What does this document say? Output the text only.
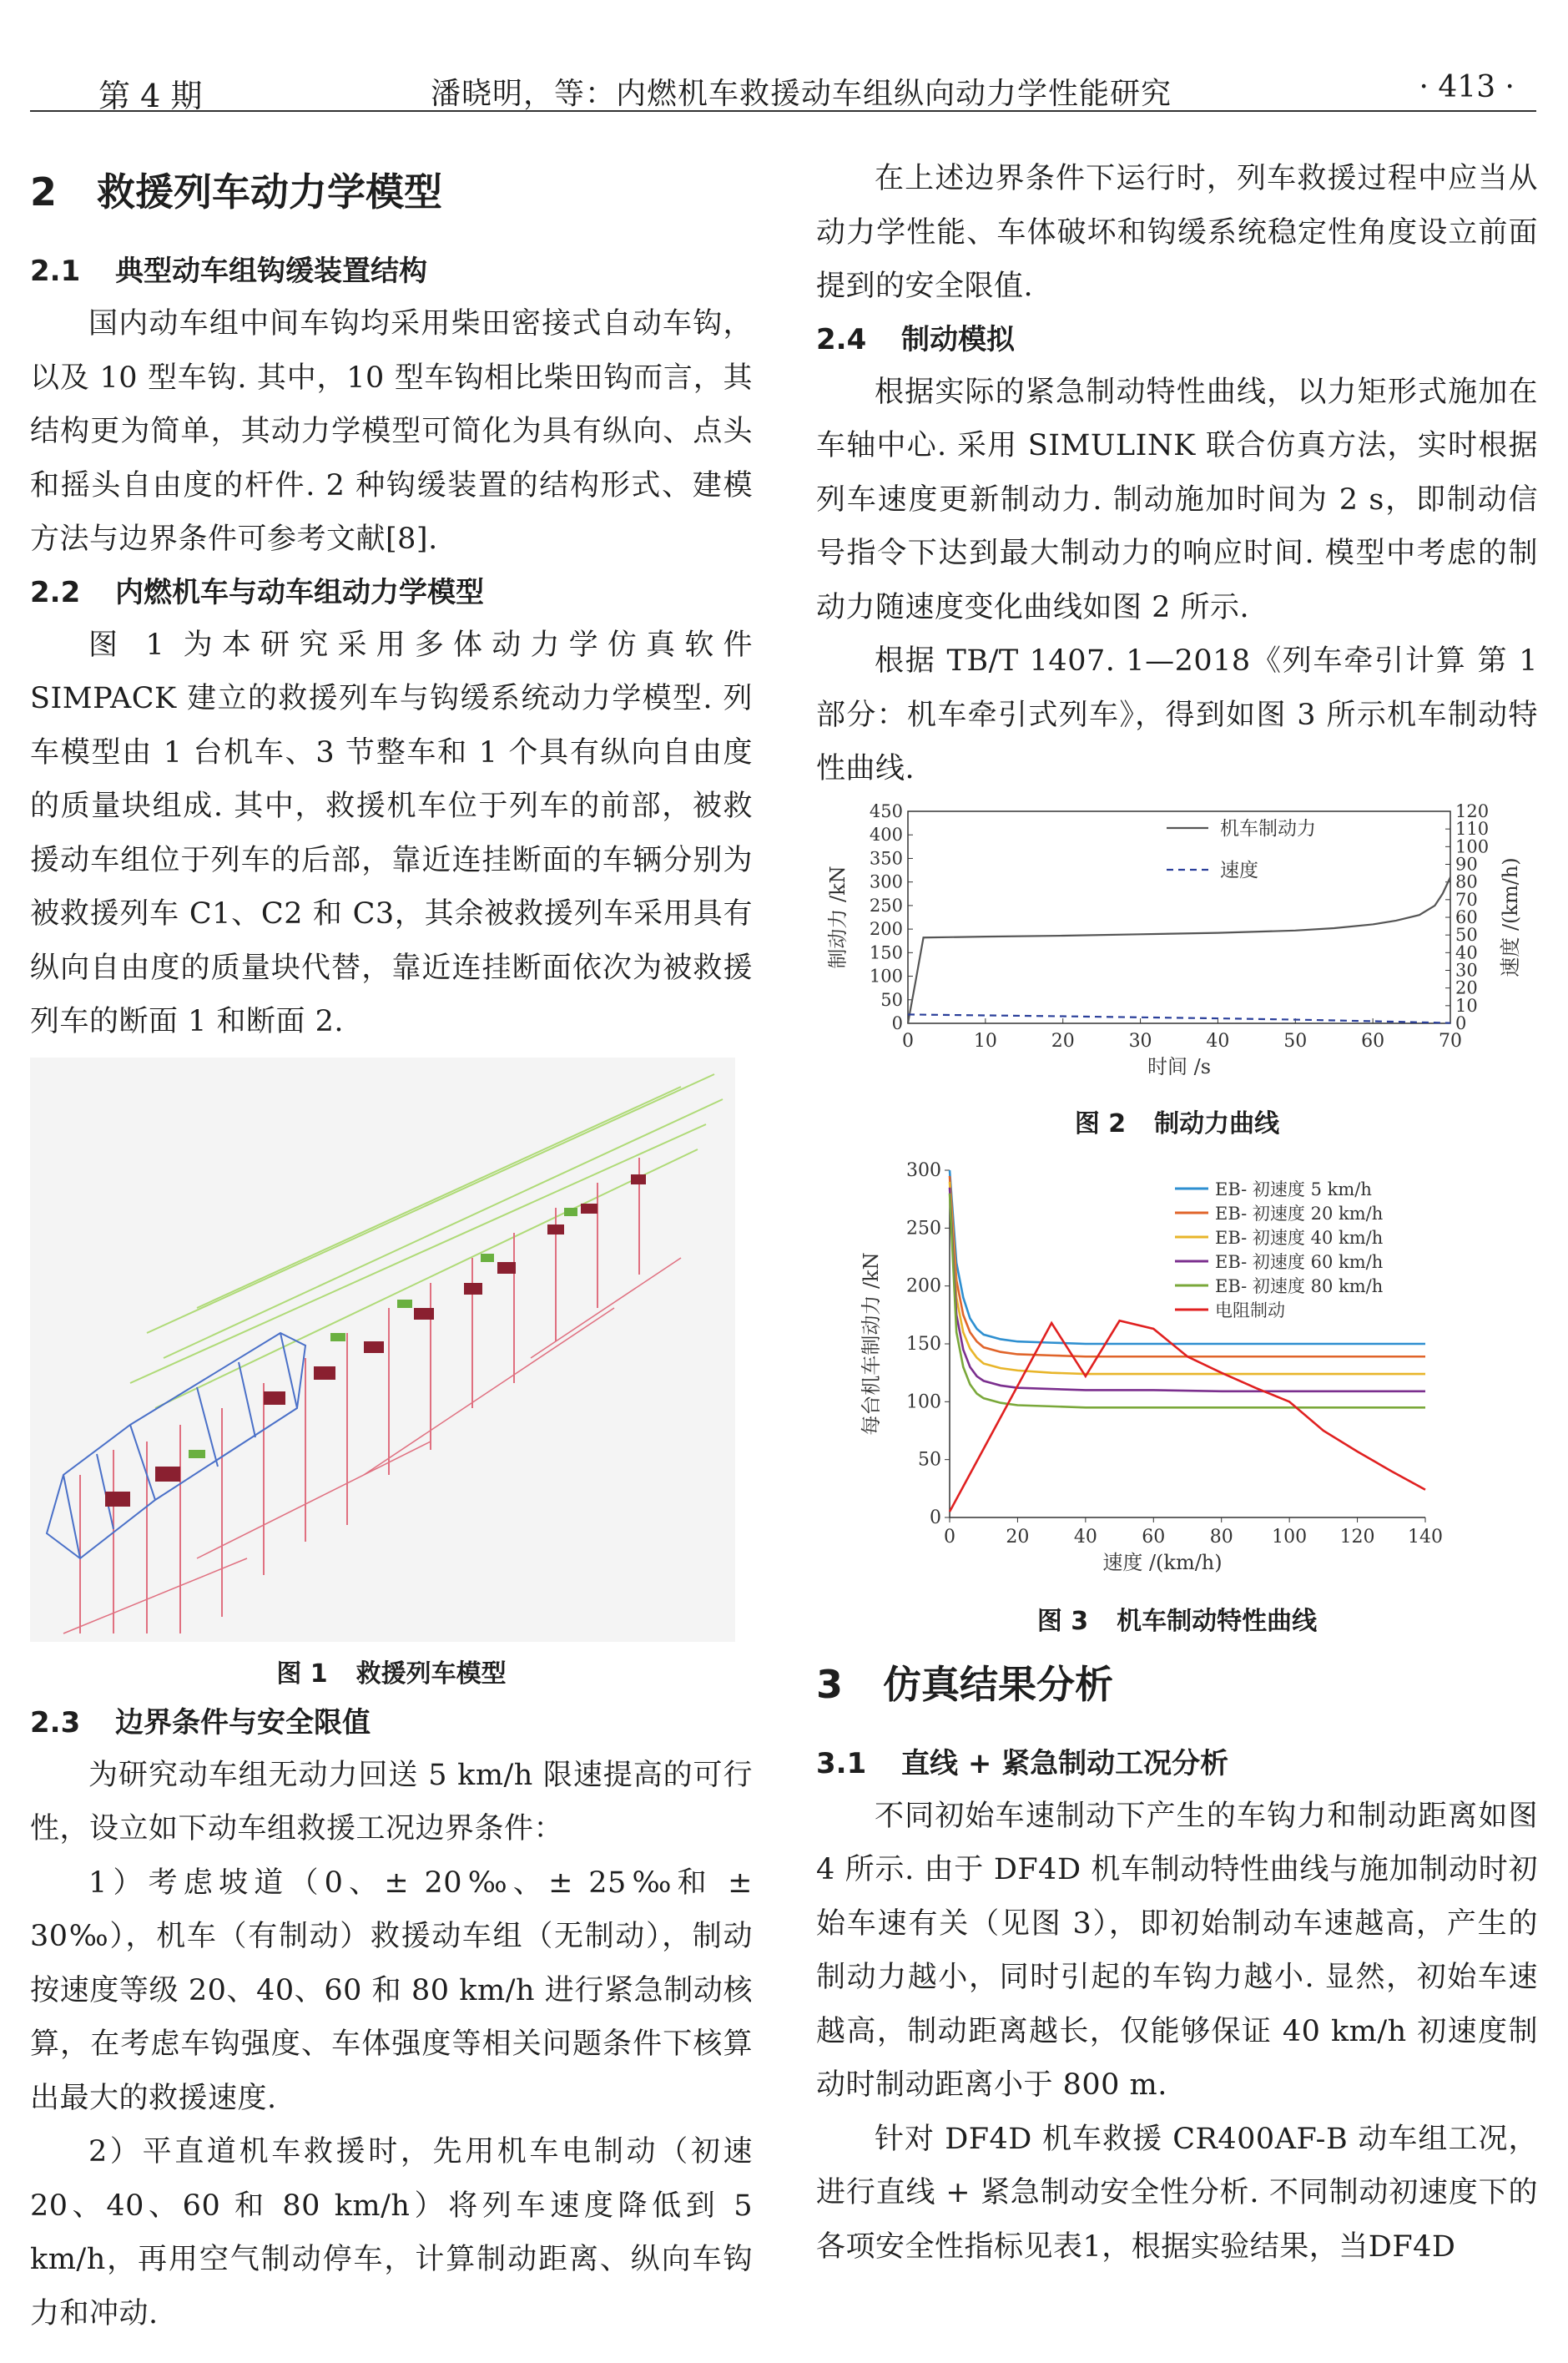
第 4 期	潘晓明，等：内燃机车救援动车组纵向动力学性能研究	· 413 ·
2 救援列车动力学模型
2.1 典型动车组钩缓装置结构

国内动车组中间车钩均采用柴田密接式自动车钩，以及 10 型车钩. 其中，10 型车钩相比柴田钩而言，其结构更为简单，其动力学模型可简化为具有纵向、点头和摇头自由度的杆件. 2 种钩缓装置的结构形式、建模方法与边界条件可参考文献[8].

2.2 内燃机车与动车组动力学模型

图 1 为本研究采用多体动力学仿真软件 SIMPACK 建立的救援列车与钩缓系统动力学模型. 列车模型由 1 台机车、3 节整车和 1 个具有纵向自由度的质量块组成. 其中，救援机车位于列车的前部，被救援动车组位于列车的后部，靠近连挂断面的车辆分别为被救援列车 C1、C2 和 C3，其余被救援列车采用具有纵向自由度的质量块代替，靠近连挂断面依次为被救援列车的断面 1 和断面 2.

图 1 救援列车模型
2.3 边界条件与安全限值

为研究动车组无动力回送 5 km/h 限速提高的可行性，设立如下动车组救援工况边界条件：

1）考虑坡道（0、± 20‰、± 25‰和 ± 30‰），机车（有制动）救援动车组（无制动），制动按速度等级 20、40、60 和 80 km/h 进行紧急制动核算，在考虑车钩强度、车体强度等相关问题条件下核算出最大的救援速度.

2）平直道机车救援时，先用机车电制动（初速 20、40、60 和 80 km/h）将列车速度降低到 5 km/h，再用空气制动停车，计算制动距离、纵向车钩力和冲动.

在上述边界条件下运行时，列车救援过程中应当从动力学性能、车体破坏和钩缓系统稳定性角度设立前面提到的安全限值.

2.4 制动模拟

根据实际的紧急制动特性曲线，以力矩形式施加在车轴中心. 采用 SIMULINK 联合仿真方法，实时根据列车速度更新制动力. 制动施加时间为 2 s，即制动信号指令下达到最大制动力的响应时间. 模型中考虑的制动力随速度变化曲线如图 2 所示.

根据 TB/T 1407. 1—2018《列车牵引计算 第 1 部分：机车牵引式列车》，得到如图 3 所示机车制动特性曲线.

0	10	20	30	40	50	60	70
0
50
100
150
200
250
300
350
400
450
0
10
20
30
40
50
60
70
80
90
100
110
120
时间 /s
制动力 /kN	速度 /(km/h)
机车制动力
速度
图 2 制动力曲线
0	20 40 60 80 100 120 140
0
50
100
150
200
250
300
速度 /(km/h)
每台机车制动力 /kN
EB- 初速度 5 km/h
EB- 初速度 20 km/h
EB- 初速度 40 km/h
EB- 初速度 60 km/h
EB- 初速度 80 km/h
电阻制动
图 3 机车制动特性曲线
3 仿真结果分析
3.1 直线 + 紧急制动工况分析

不同初始车速制动下产生的车钩力和制动距离如图 4 所示. 由于 DF4D 机车制动特性曲线与施加制动时初始车速有关（见图 3），即初始制动车速越高，产生的制动力越小，同时引起的车钩力越小. 显然，初始车速越高，制动距离越长，仅能够保证 40 km/h 初速度制动时制动距离小于 800 m.

针对 DF4D 机车救援 CR400AF-B 动车组工况，进行直线 + 紧急制动安全性分析. 不同制动初速度下的各项安全性指标见表1，根据实验结果，当DF4D
